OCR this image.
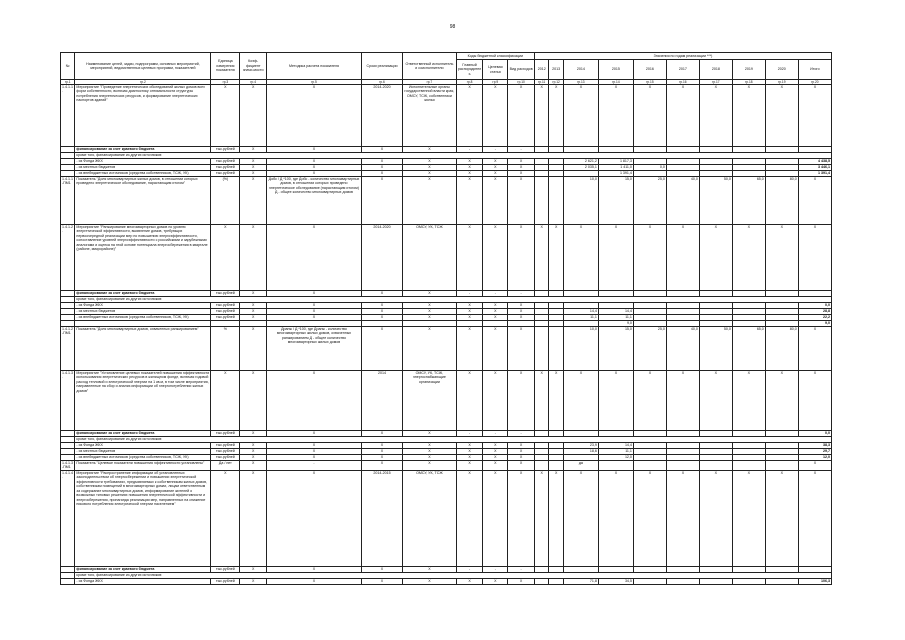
98
№	Наименование целей, задач, подпрограмм, основных мероприятий, мероприятий, ведомственных целевых программ, показателей	Единица измерения показателя	Коэф-фициент значи-мости	Методика расчета показателя	Сроки реализации	Ответственный исполнитель и соисполнители	Коды бюджетной классификации			Значения по годам реализации ***)									
							Главный распорядитель	Целевая статья	Вид расходов	2012	2013	2014	2015	2016	2017	2018	2019	2020	Итого
гр.1	гр.2	гр.3	гр.4	гр.5	гр.6	гр.7	гр.8	гр.9	гр.10	гр.11	гр.12	гр.13	гр.14	гр.15	гр.16	гр.17	гр.18	гр.19	гр.20
1.4.1.1.	Мероприятие "Проведение энергетических обследований жилых домов всех форм собственности, включая диагностику оптимальности структуры потребления энергетических ресурсов, и формирование энергетических паспортов зданий"	X	X	X	2014-2020	Исполнительные органы государственной власти края, ОМСУ, ТСЖ, собственники жилья	X	X	X	X	X	X	X	X	X	X	X	X	X
	финансирование за счет краевого бюджета	тыс.рублей	X	X	X	X	-	-	-										
	кроме того, финансирование из других источников:																		
	- из Фонда ЖКХ	тыс.рублей	X	X	X	X	X	X	X			2 621,2	1 817,3						4 438,5
	- из местных бюджетов	тыс.рублей	X	X	X	X	X	X	X			2 035,1	1 411,0	0,0					3 446,1
	- из внебюджетных источников (средства собственников, ТСЖ, УК)	тыс.рублей	X	X	X	X	X	X	X				1 391,4						1 391,4
1.4.1.1-ПМ1	Показатель "Доля многоквартирных жилых домов, в отношении которых проведено энергетическое обследование, нарастающим итогом"	(%)	X	Добс / Д *100, где Добс - количество многоквартирных домов, в отношении которых проведено энергетическое обследование (нарастающим итогом) Д - общее количество многоквартирных домов	X	X	X	X	X			10,0	15,0	25,0	40,0	50,0	65,0	80,0	X
1.4.1.2.	Мероприятие "Ранжирование многоквартирных домов по уровню энергетической эффективности, выявление домов, требующих первоочередной реализации мер по повышению энергоэффективности, сопоставление уровней энергоэффективности с российскими и зарубежными аналогами и оценка на этой основе потенциала энергосбережения в квартале (районе, микрорайоне)"	X	X	X	2014-2020	ОМСУ, УК, ТСЖ	X	X	X	X	X	X	X	X	X	X	X	X	X
	финансирование за счет краевого бюджета	тыс.рублей	X	X	X	X	-	-	-										
	кроме того, финансирование из других источников:																		
	- из Фонда ЖКХ	тыс.рублей	X	X	X	X	X	X	X										0,0
	- из местных бюджетов	тыс.рублей	X	X	X	X	X	X	X			14,4	14,4						28,8
	- из внебюджетных источников (средства собственников, ТСЖ, УК)	тыс.рублей	X	X	X	X	X	X	X			11,1	11,1						22,2
													9,0						9,0
1.4.1.2-ПМ1	Показатель "Доля многоквартирных домов, охваченных ранжированием"	%	X	Дранж / Д *100, где Дранж - количество многоквартирных жилых домов, охваченных ранжированием Д - общее количество многоквартирных жилых домов	X	X	X	X	X			10,0	15,0	25,0	40,0	50,0	65,0	80,0	X
1.4.1.3.	Мероприятие "Установление целевых показателей повышения эффективности использования энергетических ресурсов в жилищном фонде, включая годовой расход тепловой и электрической энергии на 1 кв.м, в том числе мероприятия, направленные на сбор и анализ информации об энергопотреблении жилых домов"	X	X	X	2014	ОМСУ, УК, ТСЖ, энергоснабжающие организации	X	X	X	X	X	X	X	X	X	X	X	X	X
	финансирование за счет краевого бюджета	тыс.рублей	X	X	X	X	-	-	-										0,0
	кроме того, финансирование из других источников:																		
	- из Фонда ЖКХ	тыс.рублей	X	X	X	X	X	X	X			23,9	14,4						38,3
	- из местных бюджетов	тыс.рублей	X	X	X	X	X	X	X			18,6	11,1						29,7
	- из внебюджетных источников (средства собственников, ТСЖ, УК)	тыс.рублей	X	X	X	X	X	X	X				12,0						12,0
1.4.1.3-ПМ1	Показатель "Целевые показатели повышения эффективности установлены"	Да / нет	X	-	X	X	X	X	X			да							X
1.4.1.4.	Мероприятие "Распространение информации об установленных законодательством об энергосбережении и повышении энергетической эффективности требованиях, предъявляемых к собственникам жилых домов, собственникам помещений в многоквартирных домах, лицам ответственным за содержание многоквартирных домов, информирование жителей о возможных типовых решениях повышения энергетической эффективности и энергосбережения, пропаганда реализации мер, направленных на снижение пикового потребления электрической энергии населением"	X	X	X	2014-2015	ОМСУ, УК, ТСЖ	X	X	X	X	X	X	X	X	X	X	X	X	X
	финансирование за счет краевого бюджета	тыс.рублей	X	X	X	X	-	-	-										
	кроме того, финансирование из других источников:																		
	- из Фонда ЖКХ	тыс.рублей	X	X	X	X	X	X	X			71,8	34,5						106,3
